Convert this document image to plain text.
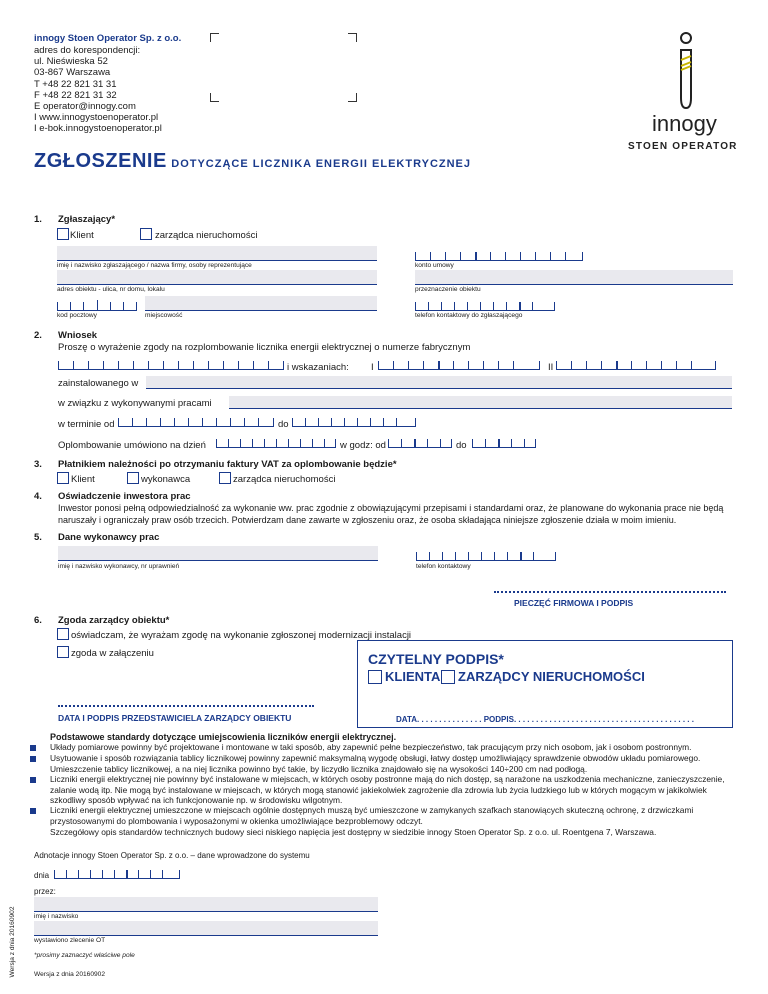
innogy Stoen Operator Sp. z o.o.
adres do korespondencji:
ul. Nieświeska 52
03-867 Warszawa
T +48 22 821 31 31
F +48 22 821 31 32
E operator@innogy.com
I www.innogystoenoperator.pl
I e-bok.innogystoenoperator.pl	innogy
STOEN OPERATOR
ZGŁOSZENIE DOTYCZĄCE LICZNIKA ENERGII ELEKTRYCZNEJ
1. Zgłaszający*
Klient	zarządca nieruchomości
imię i nazwisko zgłaszającego / nazwa firmy, osoby reprezentujące	konto umowy
adres obiektu - ulica, nr domu, lokalu	przeznaczenie obiektu
kod pocztowy	miejscowość	telefon kontaktowy do zgłaszającego
2. Wniosek
Proszę o wyrażenie zgody na rozplombowanie licznika energii elektrycznej o numerze fabrycznym
i wskazaniach: I	II
zainstalowanego w
w związku z wykonywanymi pracami
w terminie od	do
Oplombowanie umówiono na dzień	w godz: od	do
3. Płatnikiem należności po otrzymaniu faktury VAT za oplombowanie będzie*
Klient	wykonawca	zarządca nieruchomości
4. Oświadczenie inwestora prac
Inwestor ponosi pełną odpowiedzialność za wykonanie ww. prac zgodnie z obowiązującymi przepisami i standardami oraz, że planowane do wykonania prace nie będą naruszały i ograniczały praw osób trzecich. Potwierdzam dane zawarte w zgłoszeniu oraz, że osoba składająca niniejsze zgłoszenie działa w moim imieniu.
5. Dane wykonawcy prac
imię i nazwisko wykonawcy, nr uprawnień	telefon kontaktowy
PIECZĘĆ FIRMOWA I PODPIS
6. Zgoda zarządcy obiektu*
oświadczam, że wyrażam zgodę na wykonanie zgłoszonej modernizacji instalacji
zgoda w załączeniu
DATA I PODPIS PRZEDSTAWICIELA ZARZĄDCY OBIEKTU
CZYTELNY PODPIS*
KLIENTA ZARZĄDCY NIERUCHOMOŚCI
DATA. . . . . . . . . . . . . . . PODPIS. . . . . . . . . . . . . . . . . . . . . . . . . . . . . . . . . . . . . . . . .
Podstawowe standardy dotyczące umiejscowienia liczników energii elektrycznej.
Układy pomiarowe powinny być projektowane i montowane w taki sposób, aby zapewnić pełne bezpieczeństwo, tak pracującym przy nich osobom, jak i osobom postronnym.
Usytuowanie i sposób rozwiązania tablicy licznikowej powinny zapewnić maksymalną wygodę obsługi, łatwy dostęp umożliwiający sprawdzenie obwodów układu pomiarowego. Umieszczenie tablicy licznikowej, a na niej licznika powinno być takie, by liczydło licznika znajdowało się na wysokości 140÷200 cm nad podłogą.
Liczniki energii elektrycznej nie powinny być instalowane w miejscach, w których osoby postronne mają do nich dostęp, są narażone na uszkodzenia mechaniczne, zanieczyszczenie, zalanie wodą itp. Nie mogą być instalowane w miejscach, w których mogą stanowić jakiekolwiek zagrożenie dla zdrowia lub życia ludzkiego lub w których mogącym w jakikolwiek szkodliwy sposób wpływać na ich funkcjonowanie np. w środowisku wilgotnym.
Liczniki energii elektrycznej umieszczone w miejscach ogólnie dostępnych muszą być umieszczone w zamykanych szafkach stanowiących skuteczną ochronę, z drzwiczkami przystosowanymi do plombowania i wyposażonymi w okienka umożliwiające bezproblemowy odczyt.
Szczegółowy opis standardów technicznych budowy sieci niskiego napięcia jest dostępny w siedzibie innogy Stoen Operator Sp. z o.o. ul. Roentgena 7, Warszawa.
Adnotacje innogy Stoen Operator Sp. z o.o. – dane wprowadzone do systemu
dnia
przez:
imię i nazwisko
wystawiono zlecenie OT
*prosimy zaznaczyć właściwe pole
Wersja z dnia 20160902
Wersja z dnia 20160902
